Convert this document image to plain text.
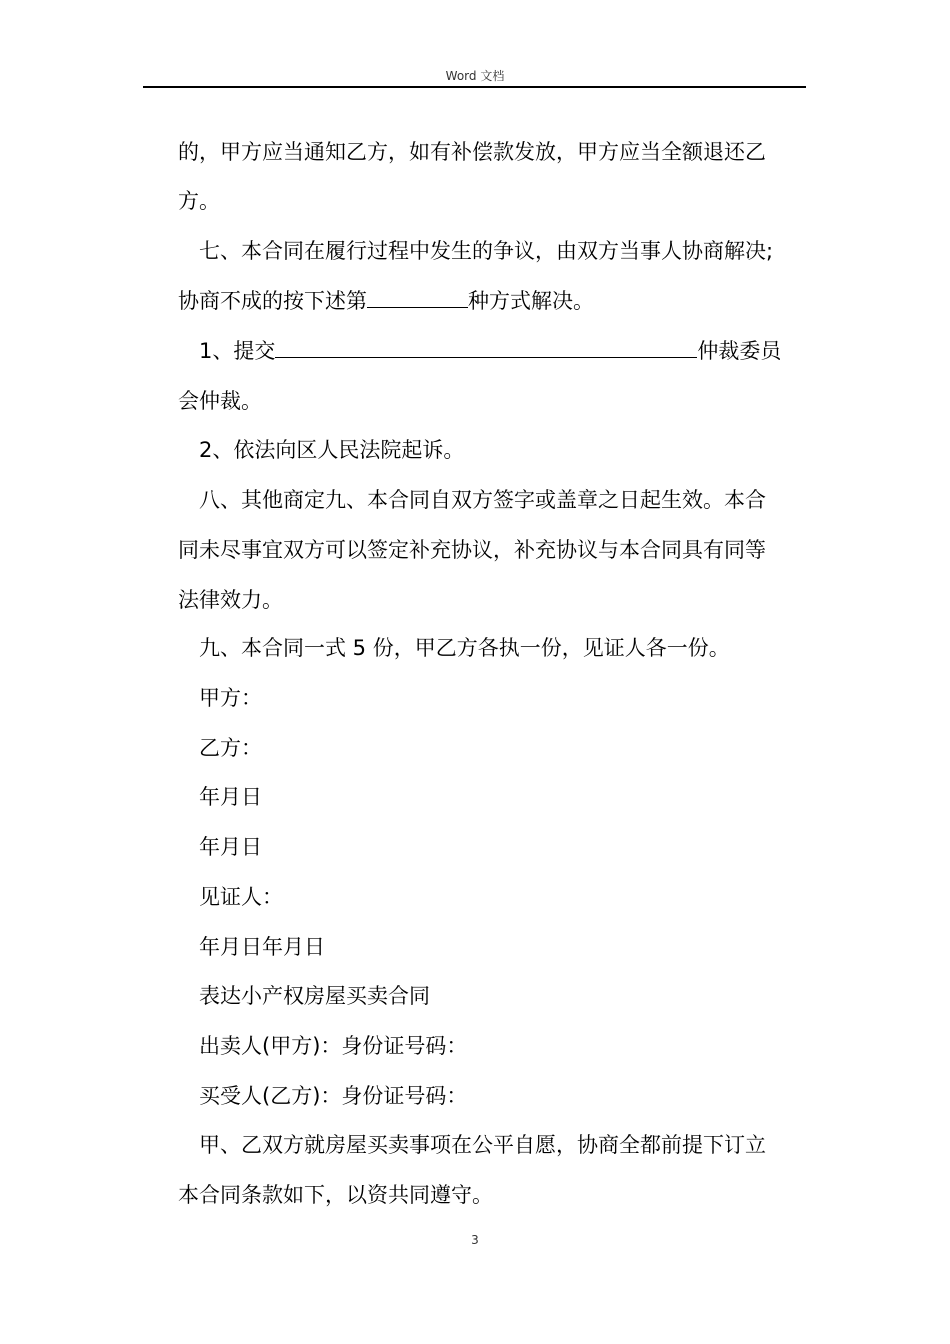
Word 文档
的，甲方应当通知乙方，如有补偿款发放，甲方应当全额退还乙
方。
七、本合同在履行过程中发生的争议，由双方当事人协商解决;
协商不成的按下述第	种方式解决。
1、提交	仲裁委员
会仲裁。
2、依法向区人民法院起诉。
八、其他商定九、本合同自双方签字或盖章之日起生效。本合
同未尽事宜双方可以签定补充协议，补充协议与本合同具有同等
法律效力。
九、本合同一式 5 份，甲乙方各执一份，见证人各一份。
甲方：
乙方：
年月日
年月日
见证人：
年月日年月日
表达小产权房屋买卖合同
出卖人(甲方)：身份证号码：
买受人(乙方)：身份证号码：
甲、乙双方就房屋买卖事项在公平自愿，协商全都前提下订立
本合同条款如下，以资共同遵守。
3
